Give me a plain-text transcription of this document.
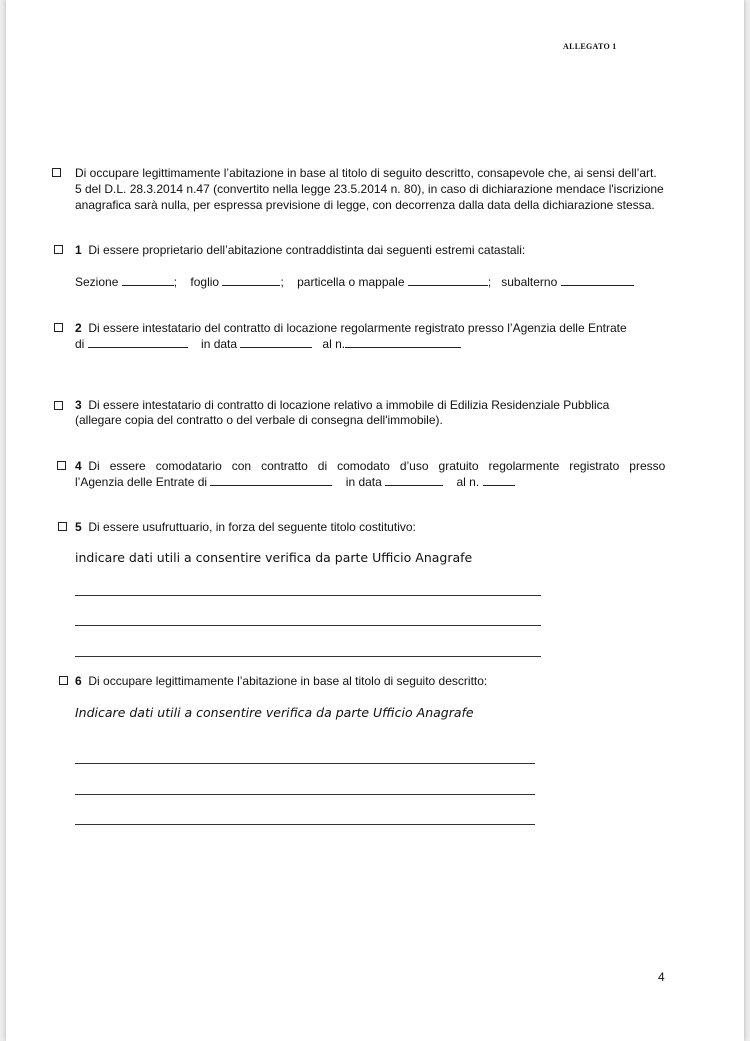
ALLEGATO 1
Di occupare legittimamente l’abitazione in base al titolo di seguito descritto, consapevole che, ai sensi dell’art.
5 del D.L. 28.3.2014 n.47 (convertito nella legge 23.5.2014 n. 80), in caso di dichiarazione mendace l'iscrizione
anagrafica sarà nulla, per espressa previsione di legge, con decorrenza dalla data della dichiarazione stessa.
1 Di essere proprietario dell’abitazione contraddistinta dai seguenti estremi catastali:
Sezione	; foglio	; particella o mappale	; subalterno
2 Di essere intestatario del contratto di locazione regolarmente registrato presso l’Agenzia delle Entrate
di	in data	al n.
3 Di essere intestatario di contratto di locazione relativo a immobile di Edilizia Residenziale Pubblica
(allegare copia del contratto o del verbale di consegna dell'immobile).
4 Di   essere   comodatario   con   contratto   di   comodato   d’uso   gratuito   regolarmente   registrato   presso
l’Agenzia delle Entrate di	in data	al n.
5 Di essere usufruttuario, in forza del seguente titolo costitutivo:
indicare dati utili a consentire verifica da parte Ufficio Anagrafe
6 Di occupare legittimamente l’abitazione in base al titolo di seguito descritto:
Indicare dati utili a consentire verifica da parte Ufficio Anagrafe
4
